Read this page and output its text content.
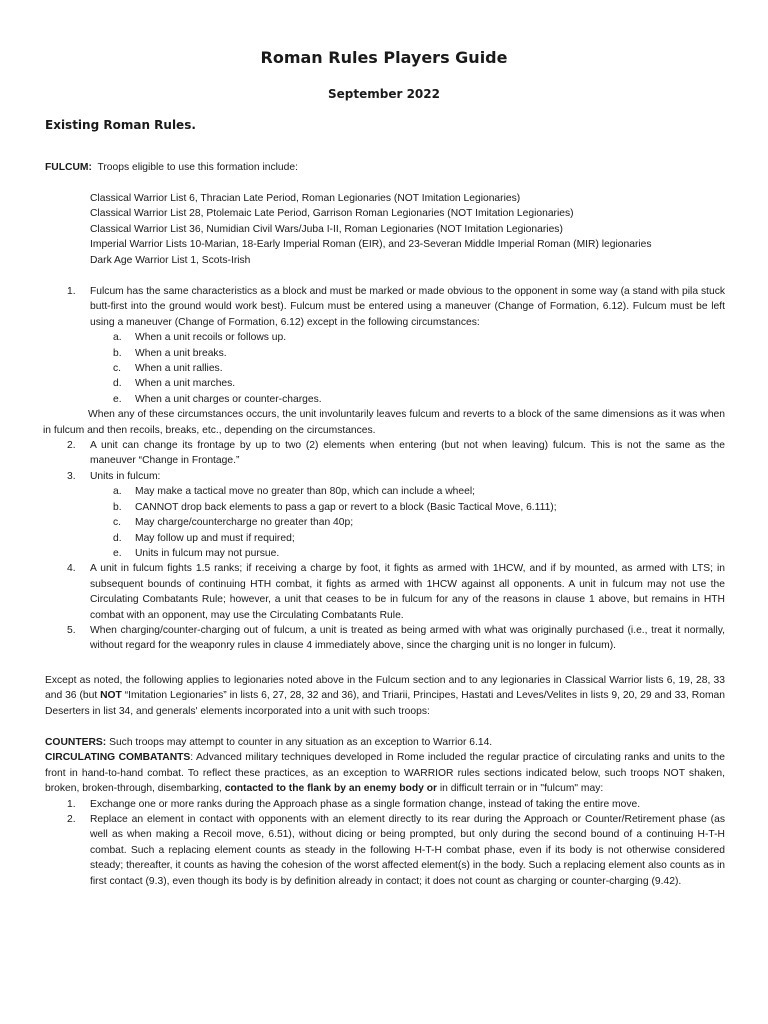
Roman Rules Players Guide
September 2022
Existing Roman Rules.
FULCUM: Troops eligible to use this formation include:
Classical Warrior List 6, Thracian Late Period, Roman Legionaries (NOT Imitation Legionaries)
Classical Warrior List 28, Ptolemaic Late Period, Garrison Roman Legionaries (NOT Imitation Legionaries)
Classical Warrior List 36, Numidian Civil Wars/Juba I-II, Roman Legionaries (NOT Imitation Legionaries)
Imperial Warrior Lists 10-Marian, 18-Early Imperial Roman (EIR), and 23-Severan Middle Imperial Roman (MIR) legionaries
Dark Age Warrior List 1, Scots-Irish
1. Fulcum has the same characteristics as a block and must be marked or made obvious to the opponent in some way (a stand with pila stuck butt-first into the ground would work best). Fulcum must be entered using a maneuver (Change of Formation, 6.12). Fulcum must be left using a maneuver (Change of Formation, 6.12) except in the following circumstances:
a. When a unit recoils or follows up.
b. When a unit breaks.
c. When a unit rallies.
d. When a unit marches.
e. When a unit charges or counter-charges.
When any of these circumstances occurs, the unit involuntarily leaves fulcum and reverts to a block of the same dimensions as it was when in fulcum and then recoils, breaks, etc., depending on the circumstances.
2. A unit can change its frontage by up to two (2) elements when entering (but not when leaving) fulcum. This is not the same as the maneuver “Change in Frontage.”
3. Units in fulcum:
a. May make a tactical move no greater than 80p, which can include a wheel;
b. CANNOT drop back elements to pass a gap or revert to a block (Basic Tactical Move, 6.111);
c. May charge/countercharge no greater than 40p;
d. May follow up and must if required;
e. Units in fulcum may not pursue.
4. A unit in fulcum fights 1.5 ranks; if receiving a charge by foot, it fights as armed with 1HCW, and if by mounted, as armed with LTS; in subsequent bounds of continuing HTH combat, it fights as armed with 1HCW against all opponents. A unit in fulcum may not use the Circulating Combatants Rule; however, a unit that ceases to be in fulcum for any of the reasons in clause 1 above, but remains in HTH combat with an opponent, may use the Circulating Combatants Rule.
5. When charging/counter-charging out of fulcum, a unit is treated as being armed with what was originally purchased (i.e., treat it normally, without regard for the weaponry rules in clause 4 immediately above, since the charging unit is no longer in fulcum).
Except as noted, the following applies to legionaries noted above in the Fulcum section and to any legionaries in Classical Warrior lists 6, 19, 28, 33 and 36 (but NOT “Imitation Legionaries” in lists 6, 27, 28, 32 and 36), and Triarii, Principes, Hastati and Leves/Velites in lists 9, 20, 29 and 33, Roman Deserters in list 34, and generals' elements incorporated into a unit with such troops:
COUNTERS: Such troops may attempt to counter in any situation as an exception to Warrior 6.14.
CIRCULATING COMBATANTS: Advanced military techniques developed in Rome included the regular practice of circulating ranks and units to the front in hand-to-hand combat. To reflect these practices, as an exception to WARRIOR rules sections indicated below, such troops NOT shaken, broken, broken-through, disembarking, contacted to the flank by an enemy body or in difficult terrain or in "fulcum" may:
1. Exchange one or more ranks during the Approach phase as a single formation change, instead of taking the entire move.
2. Replace an element in contact with opponents with an element directly to its rear during the Approach or Counter/Retirement phase (as well as when making a Recoil move, 6.51), without dicing or being prompted, but only during the second bound of a continuing H-T-H combat. Such a replacing element counts as steady in the following H-T-H combat phase, even if its body is not otherwise considered steady; thereafter, it counts as having the cohesion of the worst affected element(s) in the body. Such a replacing element also counts as in first contact (9.3), even though its body is by definition already in contact; it does not count as charging or counter-charging (9.42).
